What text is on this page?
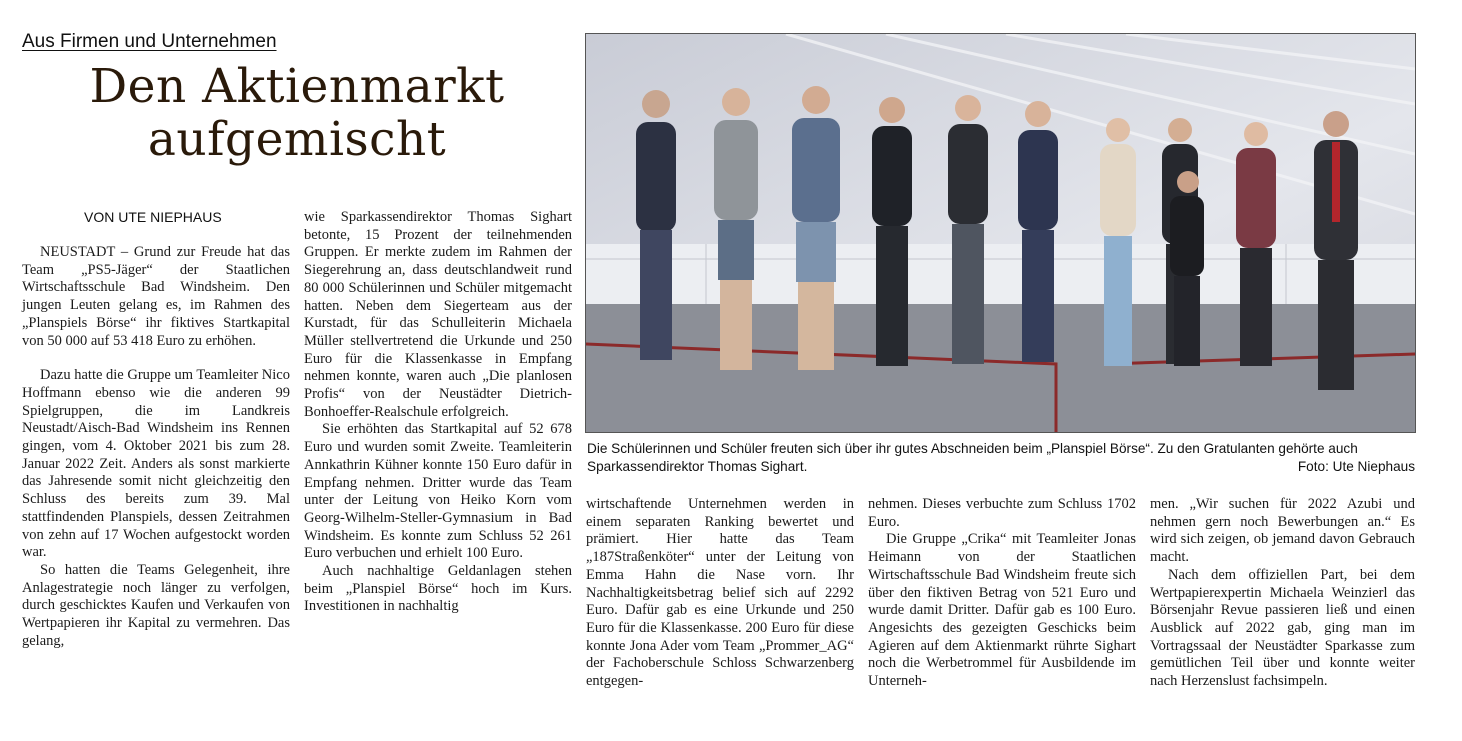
Aus Firmen und Unternehmen
Den Aktienmarkt
aufgemischt
VON UTE NIEPHAUS

NEUSTADT – Grund zur Freude hat das Team „PS5-Jäger“ der Staatlichen Wirtschaftsschule Bad Windsheim. Den jungen Leuten gelang es, im Rahmen des „Planspiels Börse“ ihr fiktives Startkapital von 50 000 auf 53 418 Euro zu erhöhen.

Dazu hatte die Gruppe um Teamleiter Nico Hoffmann ebenso wie die anderen 99 Spielgruppen, die im Landkreis Neustadt/Aisch-Bad Windsheim ins Rennen gingen, vom 4. Oktober 2021 bis zum 28. Januar 2022 Zeit. Anders als sonst markierte das Jahresende somit nicht gleichzeitig den Schluss des bereits zum 39. Mal stattfindenden Planspiels, dessen Zeitrahmen von zehn auf 17 Wochen aufgestockt worden war.

So hatten die Teams Gelegenheit, ihre Anlagestrategie noch länger zu verfolgen, durch geschicktes Kaufen und Verkaufen von Wertpapieren ihr Kapital zu vermehren. Das gelang,

wie Sparkassendirektor Thomas Sighart betonte, 15 Prozent der teilnehmenden Gruppen. Er merkte zudem im Rahmen der Siegerehrung an, dass deutschlandweit rund 80 000 Schülerinnen und Schüler mitgemacht hatten. Neben dem Siegerteam aus der Kurstadt, für das Schulleiterin Michaela Müller stellvertretend die Urkunde und 250 Euro für die Klassenkasse in Empfang nehmen konnte, waren auch „Die planlosen Profis“ von der Neustädter Dietrich-Bonhoeffer-Realschule erfolgreich.

Sie erhöhten das Startkapital auf 52 678 Euro und wurden somit Zweite. Teamleiterin Annkathrin Kühner konnte 150 Euro dafür in Empfang nehmen. Dritter wurde das Team unter der Leitung von Heiko Korn vom Georg-Wilhelm-Steller-Gymnasium in Bad Windsheim. Es konnte zum Schluss 52 261 Euro verbuchen und erhielt 100 Euro.

Auch nachhaltige Geldanlagen stehen beim „Planspiel Börse“ hoch im Kurs. Investitionen in nachhaltig

Die Schülerinnen und Schüler freuten sich über ihr gutes Abschneiden beim „Planspiel Börse“. Zu den Gratulanten gehörte auch Sparkassendirektor Thomas Sighart.	Foto: Ute Niephaus

wirtschaftende Unternehmen werden in einem separaten Ranking bewertet und prämiert. Hier hatte das Team „187Straßenköter“ unter der Leitung von Emma Hahn die Nase vorn. Ihr Nachhaltigkeitsbetrag belief sich auf 2292 Euro. Dafür gab es eine Urkunde und 250 Euro für die Klassenkasse. 200 Euro für diese konnte Jona Ader vom Team „Prommer_AG“ der Fachoberschule Schloss Schwarzenberg entgegen-

nehmen. Dieses verbuchte zum Schluss 1702 Euro.

Die Gruppe „Crika“ mit Teamleiter Jonas Heimann von der Staatlichen Wirtschaftsschule Bad Windsheim freute sich über den fiktiven Betrag von 521 Euro und wurde damit Dritter. Dafür gab es 100 Euro. Angesichts des gezeigten Geschicks beim Agieren auf dem Aktienmarkt rührte Sighart noch die Werbetrommel für Ausbildende im Unterneh-

men. „Wir suchen für 2022 Azubi und nehmen gern noch Bewerbungen an.“ Es wird sich zeigen, ob jemand davon Gebrauch macht.

Nach dem offiziellen Part, bei dem Wertpapierexpertin Michaela Weinzierl das Börsenjahr Revue passieren ließ und einen Ausblick auf 2022 gab, ging man im Vortragssaal der Neustädter Sparkasse zum gemütlichen Teil über und konnte weiter nach Herzenslust fachsimpeln.
